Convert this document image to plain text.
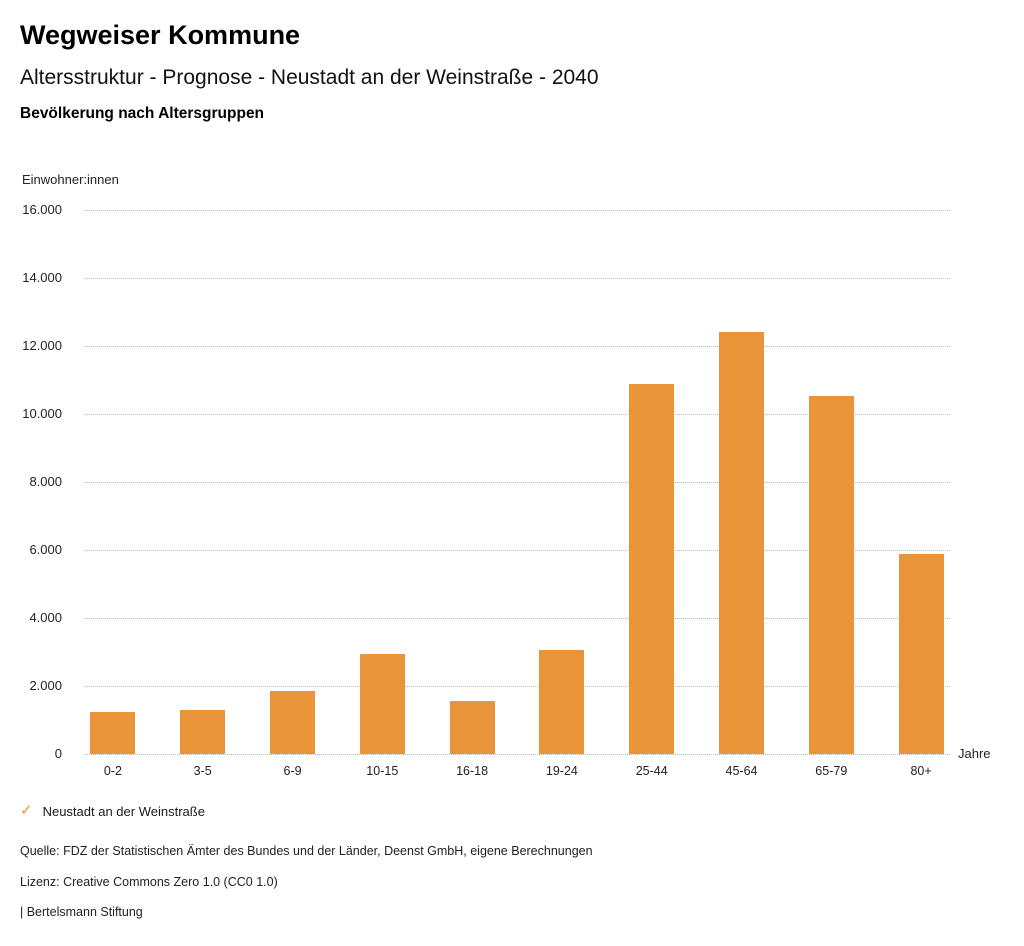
Wegweiser Kommune
Altersstruktur - Prognose - Neustadt an der Weinstraße - 2040
Bevölkerung nach Altersgruppen
Einwohner:innen
0
2.000
4.000
6.000
8.000
10.000
12.000
14.000
16.000
0-2	3-5	6-9	10-15	16-18	19-24	25-44	45-64	65-79	80+
Jahre
✓ Neustadt an der Weinstraße

Quelle: FDZ der Statistischen Ämter des Bundes und der Länder, Deenst GmbH, eigene Berechnungen

Lizenz: Creative Commons Zero 1.0 (CC0 1.0)

| Bertelsmann Stiftung
